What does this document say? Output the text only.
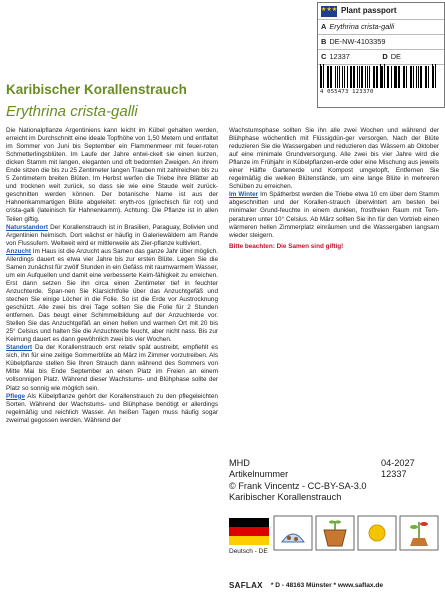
★★★ Plant passport
A Erythrina crista-galli
B DE-NW-4103359
C 12337	D DE
4 055473 123370
Karibischer Korallenstrauch
Erythrina crista-galli

Die Nationalpflanze Argentiniens kann leicht im Kübel gehalten werden, erreicht im Durchschnitt eine ideale Topfhöhe von 1,50 Metern und entfaltet im Sommer von Juni bis September ein Flammenmeer mit feuer-roten Schmetterlingsblüten. Im Laufe der Jahre entwi-ckelt sie einen kurzen, dicken Stamm mit langen, eleganten und oft bedornten Zweigen. An ihrem Ende sitzen die bis zu 25 Zentimeter langen Trauben mit zahlreichen bis zu 5 Zentimetern breiten Blüten. Im Herbst werfen die Triebe ihre Blätter ab und trocknen weit zurück, so dass sie wie eine Staude weit zurück-geschnitten werden können. Der botanische Name ist aus der Hahnenkammartigen Blüte abgeleitet: eryth-ros (griechisch für rot) und crista-galli (lateinisch für Hahnenkamm). Achtung: Die Pflanze ist in allen Teilen giftig.

Naturstandort Der Korallenstrauch ist in Brasilien, Paraguay, Bolivien und Argentinien heimisch. Dort wächst er häufig in Galeriewäldern am Rande von Flussufern. Weltweit wird er mittlerweile als Zier-pflanze kultiviert.

Anzucht Im Haus ist die Anzucht aus Samen das ganze Jahr über möglich. Allerdings dauert es etwa vier Jahre bis zur ersten Blüte. Legen Sie die Samen zunächst für zwölf Stunden in ein Gefäss mit raumwarmem Wasser, um ein Aufquellen und damit eine verbesserte Keim-fähigkeit zu erreichen. Erst dann setzen Sie ihn circa einen Zentimeter tief in feuchter Anzuchterde. Span-nen Sie Klarsichtfolie über das Anzuchtgefäß und stechen Sie einige Löcher in die Folie. So ist die Erde vor Austrocknung geschützt. Alle zwei bis drei Tage sollten Sie die Folie für 2 Stunden entfernen. Das beugt einer Schimmelbildung auf der Anzuchterde vor. Stellen Sie das Anzuchtgefäß an einen hellen und warmen Ort mit 20 bis 25° Celsius und halten Sie die Anzuchterde feucht, aber nicht nass. Bis zur Keimung dauert es dann gewöhnlich zwei bis vier Wochen.

Standort Da der Korallenstrauch erst relativ spät austreibt, empfiehlt es sich, ihn für eine zeitige Sommerblüte ab März im Zimmer vorzutreiben. Als Kübelpflanze stellen Sie Ihren Strauch dann während des Sommers von Mitte Mai bis Ende September an einen Platz im Freien an einem vollsonnigen Platz. Während dieser Wachstums- und Blühphase sollte der Platz so sonnig wie möglich sein.

Pflege Als Kübelpflanze gehört der Korallenstrauch zu den pflegeleichten Sorten. Während der Wachstums- und Blühphase benötigt er allerdings regelmäßig und reichlich Wasser. An heißen Tagen muss häufig sogar zweimal gegossen werden. Während der

Wachstumsphase sollten Sie ihn alle zwei Wochen und während der Blühphase wöchentlich mit Flüssigdün-ger versorgen. Nach der Blüte reduzieren Sie die Wassergaben und reduzieren das Wässern ab Oktober auf eine minimale Grundversorgung. Alle zwei bis vier Jahre wird die Pflanze im Frühjahr in Kübelpflanzen-erde oder eine Mischung aus jeweils einer Hälfte Gartenerde und Kompost umgetopft, Entfernen Sie regelmäßig die welken Blütenstände, um eine lange Blüte in mehreren Schüben zu erreichen.

Im Winter Im Spätherbst werden die Triebe etwa 10 cm über dem Stamm abgeschnitten und der Korallen-strauch überwintert am besten bei minimaler Grund-feuchte in einem dunklen, frostfreien Raum mit Tem-peraturen unter 10° Celsius. Ab März sollten Sie ihn für den Vortrieb einen wärmeren hellen Zimmerplatz einräumen und die Wassergaben langsam wieder steigern.

Bitte beachten: Die Samen sind giftig!

MHD	04-2027
Artikelnummer	12337
© Frank Vincentz - CC-BY-SA-3.0
Karibischer Korallenstrauch
Deutsch - DE
SAFLAX * D - 48163 Münster * www.saflax.de
